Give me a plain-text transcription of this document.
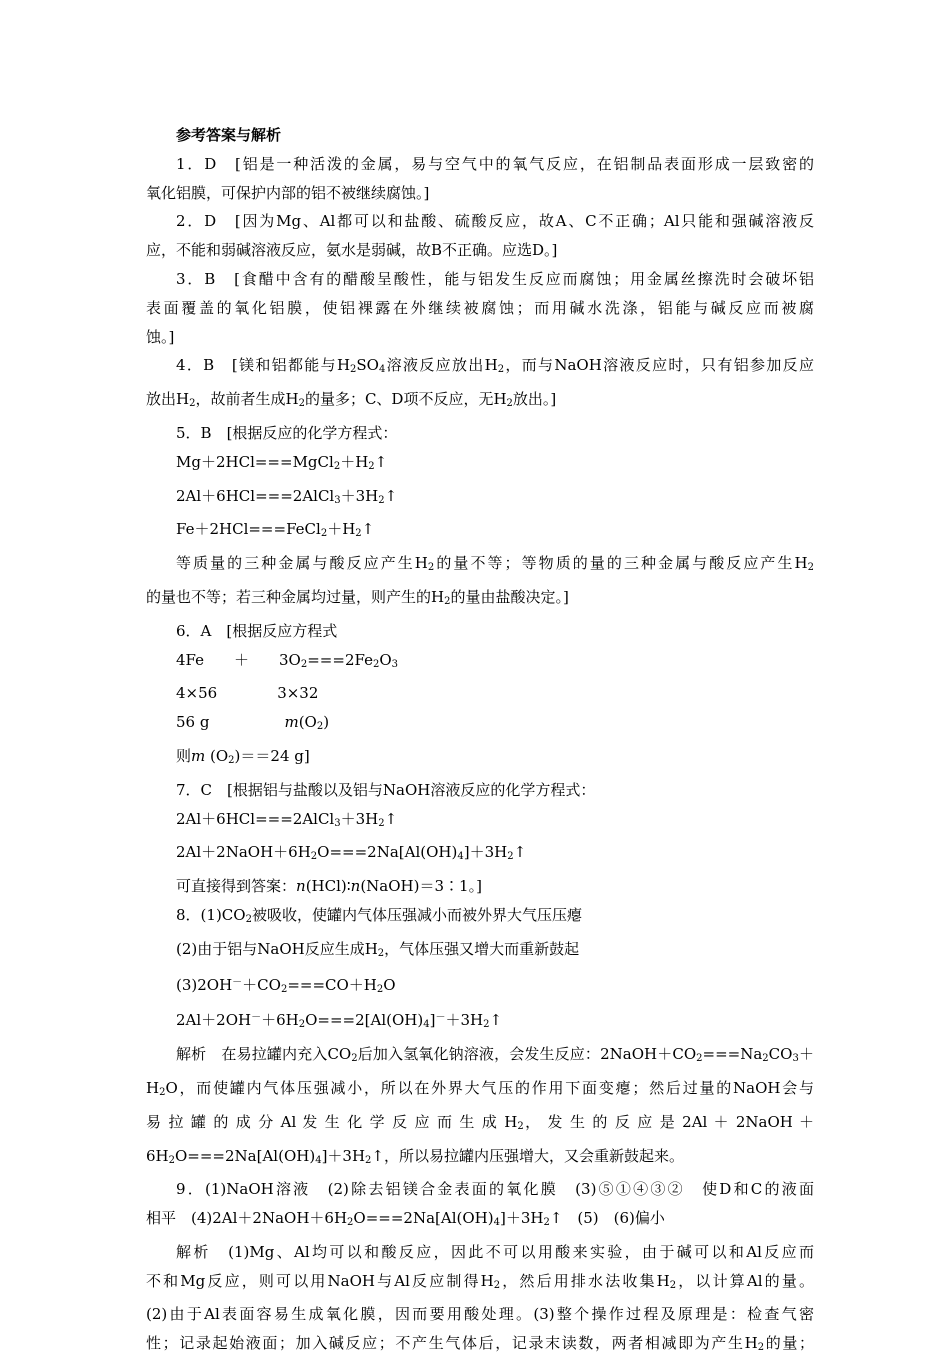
参考答案与解析
1．D　[铝是一种活泼的金属，易与空气中的氧气反应，在铝制品表面形成一层致密的
氧化铝膜，可保护内部的铝不被继续腐蚀。]
2．D　[因为Mg、Al都可以和盐酸、硫酸反应，故A、C不正确；Al只能和强碱溶液反
应，不能和弱碱溶液反应，氨水是弱碱，故B不正确。应选D。]
3．B　[食醋中含有的醋酸呈酸性，能与铝发生反应而腐蚀；用金属丝擦洗时会破坏铝
表面覆盖的氧化铝膜，使铝裸露在外继续被腐蚀；而用碱水洗涤，铝能与碱反应而被腐
蚀。]
4．B　[镁和铝都能与$H_2SO_4$溶液反应放出$H_2$，而与NaOH溶液反应时，只有铝参加反应
放出$H_2$，故前者生成$H_2$的量多；C、D项不反应，无$H_2$放出。]
5．B　[根据反应的化学方程式：
$Mg+2HCl===MgCl_2+H_2↑$
$2Al+6HCl===2AlCl_3+3H_2↑$
$Fe+2HCl===FeCl_2+H_2↑$
等质量的三种金属与酸反应产生$H_2$的量不等；等物质的量的三种金属与酸反应产生$H_2$
的量也不等；若三种金属均过量，则产生的$H_2$的量由盐酸决定。]
6．A　[根据反应方程式
4Fe　　＋　　$3O_2===2Fe_2O_3$
4×56　　　　3×32
56 g　　　　　$m(O_2)$
则m $(O_2)==24$ g]
7．C　[根据铝与盐酸以及铝与NaOH溶液反应的化学方程式：
$2Al+6HCl===2AlCl_3+3H_2↑$
$2Al+2NaOH+6H_2O===2Na[Al(OH)_4]+3H_2↑$
可直接得到答案：n(HCl)∶n(NaOH)＝3∶1。]
8．$(1)CO_2$被吸收，使罐内气体压强减小而被外界大气压压瘪
(2)由于铝与NaOH反应生成$H_2$，气体压强又增大而重新鼓起
$(3)2OH^-+CO_2===CO+H_2O$
$2Al+2OH^-+6H_2O===2[Al(OH)_4]^-+3H_2↑$
解析　在易拉罐内充入$CO_2$后加入氢氧化钠溶液，会发生反应：$2NaOH+CO_2===Na_2CO_3+$
$H_2O$，而使罐内气体压强减小，所以在外界大气压的作用下面变瘪；然后过量的NaOH会与
易 拉 罐 的 成 分 Al 发 生 化 学 反 应 而 生 成 $H_2$， 发 生 的 反 应 是 2Al ＋ 2NaOH ＋
$6H_2O===2Na[Al(OH)_4]+3H_2↑$，所以易拉罐内压强增大，又会重新鼓起来。
9．(1)NaOH溶液　(2)除去铝镁合金表面的氧化膜　(3)⑤①④③②　使D和C的液面
相平　$(4)2Al+2NaOH+6H_2O===2Na[Al(OH)_4]+3H_2↑$　(5)　(6)偏小
解析　(1)Mg、Al均可以和酸反应，因此不可以用酸来实验，由于碱可以和Al反应而
不和Mg反应，则可以用NaOH与Al反应制得$H_2$，然后用排水法收集$H_2$，以计算Al的量。
(2)由于Al表面容易生成氧化膜，因而要用酸处理。(3)整个操作过程及原理是：检查气密
性；记录起始液面；加入碱反应；不产生气体后，记录末读数，两者相减即为产生$H_2$的量；
